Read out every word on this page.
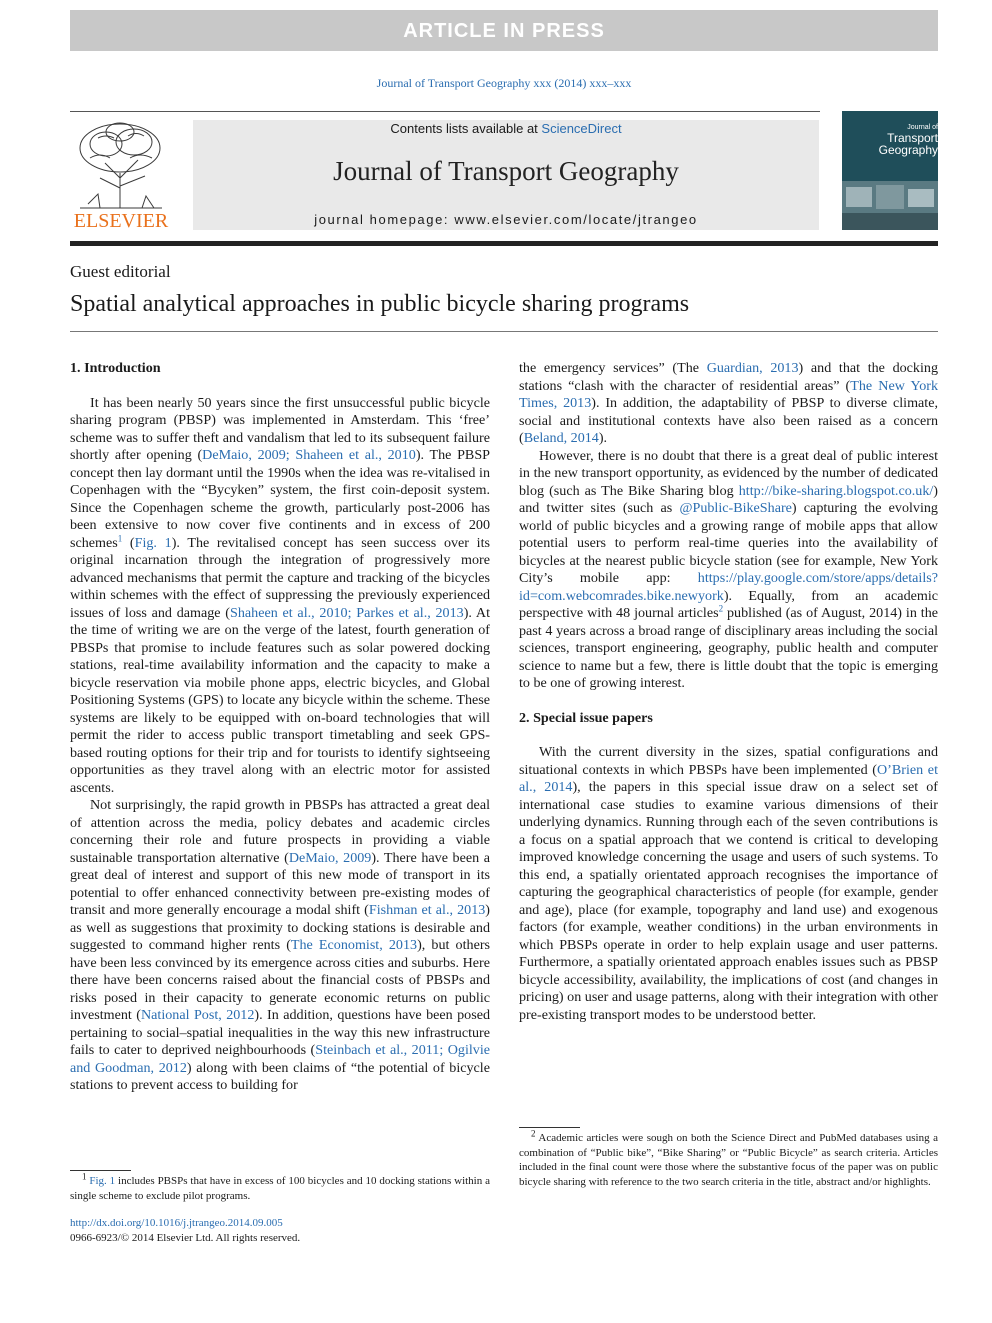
ARTICLE IN PRESS
Journal of Transport Geography xxx (2014) xxx–xxx
ELSEVIER
Contents lists available at ScienceDirect
Journal of Transport Geography
journal homepage: www.elsevier.com/locate/jtrangeo
Journal of
Transport
Geography
Guest editorial
Spatial analytical approaches in public bicycle sharing programs
1. Introduction

It has been nearly 50 years since the first unsuccessful public bicycle sharing program (PBSP) was implemented in Amsterdam. This ‘free’ scheme was to suffer theft and vandalism that led to its subsequent failure shortly after opening (DeMaio, 2009; Shaheen et al., 2010). The PBSP concept then lay dormant until the 1990s when the idea was re-vitalised in Copenhagen with the “Bycyken” system, the first coin-deposit system. Since the Copenhagen scheme the growth, particularly post-2006 has been extensive to now cover five continents and in excess of 200 schemes$^1$ (Fig. 1). The revitalised concept has seen success over its original incarnation through the integration of progressively more advanced mechanisms that permit the capture and tracking of the bicycles within schemes with the effect of suppressing the previously experienced issues of loss and damage (Shaheen et al., 2010; Parkes et al., 2013). At the time of writing we are on the verge of the latest, fourth generation of PBSPs that promise to include features such as solar powered docking stations, real-time availability information and the capacity to make a bicycle reservation via mobile phone apps, electric bicycles, and Global Positioning Systems (GPS) to locate any bicycle within the scheme. These systems are likely to be equipped with on-board technologies that will permit the rider to access public transport timetabling and seek GPS-based routing options for their trip and for tourists to identify sightseeing opportunities as they travel along with an electric motor for assisted ascents.

Not surprisingly, the rapid growth in PBSPs has attracted a great deal of attention across the media, policy debates and academic circles concerning their role and future prospects in providing a viable sustainable transportation alternative (DeMaio, 2009). There have been a great deal of interest and support of this new mode of transport in its potential to offer enhanced connectivity between pre-existing modes of transit and more generally encourage a modal shift (Fishman et al., 2013) as well as suggestions that proximity to docking stations is desirable and suggested to command higher rents (The Economist, 2013), but others have been less convinced by its emergence across cities and suburbs. Here there have been concerns raised about the financial costs of PBSPs and risks posed in their capacity to generate economic returns on public investment (National Post, 2012). In addition, questions have been posed pertaining to social–spatial inequalities in the way this new infrastructure fails to cater to deprived neighbourhoods (Steinbach et al., 2011; Ogilvie and Goodman, 2012) along with been claims of “the potential of bicycle stations to prevent access to building for

the emergency services” (The Guardian, 2013) and that the docking stations “clash with the character of residential areas” (The New York Times, 2013). In addition, the adaptability of PBSP to diverse climate, social and institutional contexts have also been raised as a concern (Beland, 2014).

However, there is no doubt that there is a great deal of public interest in the new transport opportunity, as evidenced by the number of dedicated blog (such as The Bike Sharing blog http://bike-sharing.blogspot.co.uk/) and twitter sites (such as @Public-BikeShare) capturing the evolving world of public bicycles and a growing range of mobile apps that allow potential users to perform real-time queries into the availability of bicycles at the nearest public bicycle station (see for example, New York City’s mobile app: https://play.google.com/store/apps/details?id=com.webcomrades.bike.newyork). Equally, from an academic perspective with 48 journal articles$^2$ published (as of August, 2014) in the past 4 years across a broad range of disciplinary areas including the social sciences, transport engineering, geography, public health and computer science to name but a few, there is little doubt that the topic is emerging to be one of growing interest.

2. Special issue papers

With the current diversity in the sizes, spatial configurations and situational contexts in which PBSPs have been implemented (O’Brien et al., 2014), the papers in this special issue draw on a select set of international case studies to examine various dimensions of their underlying dynamics. Running through each of the seven contributions is a focus on a spatial approach that we contend is critical to developing improved knowledge concerning the usage and users of such systems. To this end, a spatially orientated approach recognises the importance of capturing the geographical characteristics of people (for example, gender and age), place (for example, topography and land use) and exogenous factors (for example, weather conditions) in the urban environments in which PBSPs operate in order to help explain usage and user patterns. Furthermore, a spatially orientated approach enables issues such as PBSP bicycle accessibility, availability, the implications of cost (and changes in pricing) on user and usage patterns, along with their integration with other pre-existing transport modes to be understood better.

$^1$ Fig. 1 includes PBSPs that have in excess of 100 bicycles and 10 docking stations within a single scheme to exclude pilot programs.

$^2$ Academic articles were sough on both the Science Direct and PubMed databases using a combination of “Public bike”, “Bike Sharing” or “Public Bicycle” as search criteria. Articles included in the final count were those where the substantive focus of the paper was on public bicycle sharing with reference to the two search criteria in the title, abstract and/or highlights.

http://dx.doi.org/10.1016/j.jtrangeo.2014.09.005
0966-6923/© 2014 Elsevier Ltd. All rights reserved.
